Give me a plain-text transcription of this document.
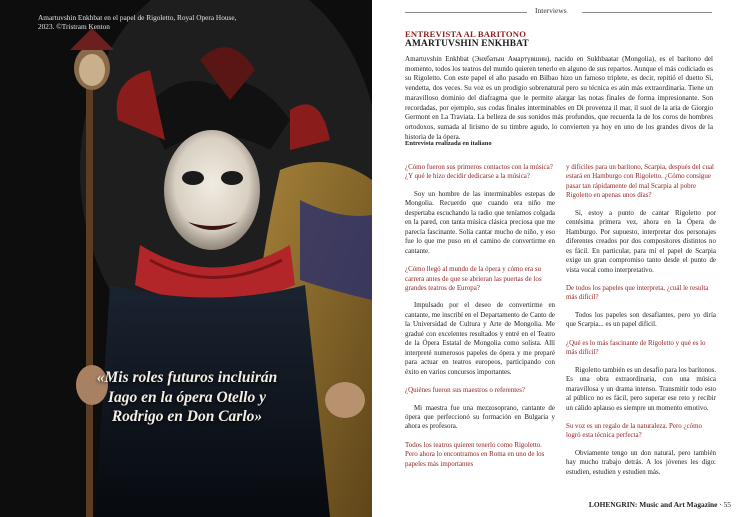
Amartuvshin Enkhbat en el papel de Rigoletto, Royal Opera House, 2023. ©Tristram Kenton
«Mis roles futuros incluirán Iago en la ópera Otello y Rodrigo en Don Carlo»
Interviews
ENTREVISTA AL BARITONO
AMARTUVSHIN ENKHBAT

Amartuvshin Enkhbat (Энхбатын Амартүвшин), nacido en Sukhbaatar (Mongolia), es el barítono del momento, todos los teatros del mundo quieren tenerlo en alguno de sus repartos. Aunque el más codiciado es su Rigoletto. Con este papel el año pasado en Bilbao hizo un famoso triplete, es decir, repitió el duetto Sì, vendetta, dos veces. Su voz es un prodigio sobrenatural pero su técnica es aún más extraordinaria. Tiene un maravilloso dominio del diafragma que le permite alargar las notas finales de forma impresionante. Son recordadas, por ejemplo, sus codas finales interminables en Di provenza il mar, il suol de la aria de Giorgio Germont en La Traviata. La belleza de sus sonidos más profundos, que recuerda la de los coros de hombres ortodoxos, sumada al lirismo de su timbre agudo, lo convierten ya hoy en uno de los grandes divos de la historia de la ópera.

Entrevista realizada en italiano

¿Cómo fueron sus primeros contactos con la música? ¿Y qué le hizo decidir dedicarse a la música?

Soy un hombre de las interminables estepas de Mongolia. Recuerdo que cuando era niño me despertaba escuchando la radio que teníamos colgada en la pared, con tanta música clásica preciosa que me parecía fascinante. Solía cantar mucho de niño, y eso fue lo que me puso en el camino de convertirme en cantante.

¿Cómo llegó al mundo de la ópera y cómo era su carrera antes de que se abrieran las puertas de los grandes teatros de Europa?

Impulsado por el deseo de convertirme en cantante, me inscribí en el Departamento de Canto de la Universidad de Cultura y Arte de Mongolia. Me gradué con excelentes resultados y entré en el Teatro de la Ópera Estatal de Mongolia como solista. Allí interpreté numerosos papeles de ópera y me preparé para actuar en teatros europeos, participando con éxito en varios concursos importantes.

¿Quiénes fueron sus maestros o referentes?

Mi maestra fue una mezzosoprano, cantante de ópera que perfeccionó su formación en Bulgaria y ahora es profesora.

Todos los teatros quieren tenerlo como Rigoletto. Pero ahora lo encontramos en Roma en uno de los papeles más importantes

y difíciles para un barítono, Scarpia, después del cual estará en Hamburgo con Rigoletto. ¿Cómo consigue pasar tan rápidamente del mal Scarpia al pobre Rigoletto en apenas unos días?

Sí, estoy a punto de cantar Rigoletto por centésima primera vez, ahora en la Ópera de Hamburgo. Por supuesto, interpretar dos personajes diferentes creados por dos compositores distintos no es fácil. En particular, para mí el papel de Scarpia exige un gran compromiso tanto desde el punto de vista vocal como interpretativo.

De todos los papeles que interpreta, ¿cuál le resulta más difícil?

Todos los papeles son desafiantes, pero yo diría que Scarpia... es un papel difícil.

¿Qué es lo más fascinante de Rigoletto y qué es lo más difícil?

Rigoletto también es un desafío para los barítonos. Es una obra extraordinaria, con una música maravillosa y un drama intenso. Transmitir todo esto al público no es fácil, pero superar ese reto y recibir un cálido aplauso es siempre un momento emotivo.

Su voz es un regalo de la naturaleza. Pero ¿cómo logró esta técnica perfecta?

Obviamente tengo un don natural, pero también hay mucho trabajo detrás. A los jóvenes les digo: estudien, estudien y estudien más.

LOHENGRIN: Music and Art Magazine · 55
